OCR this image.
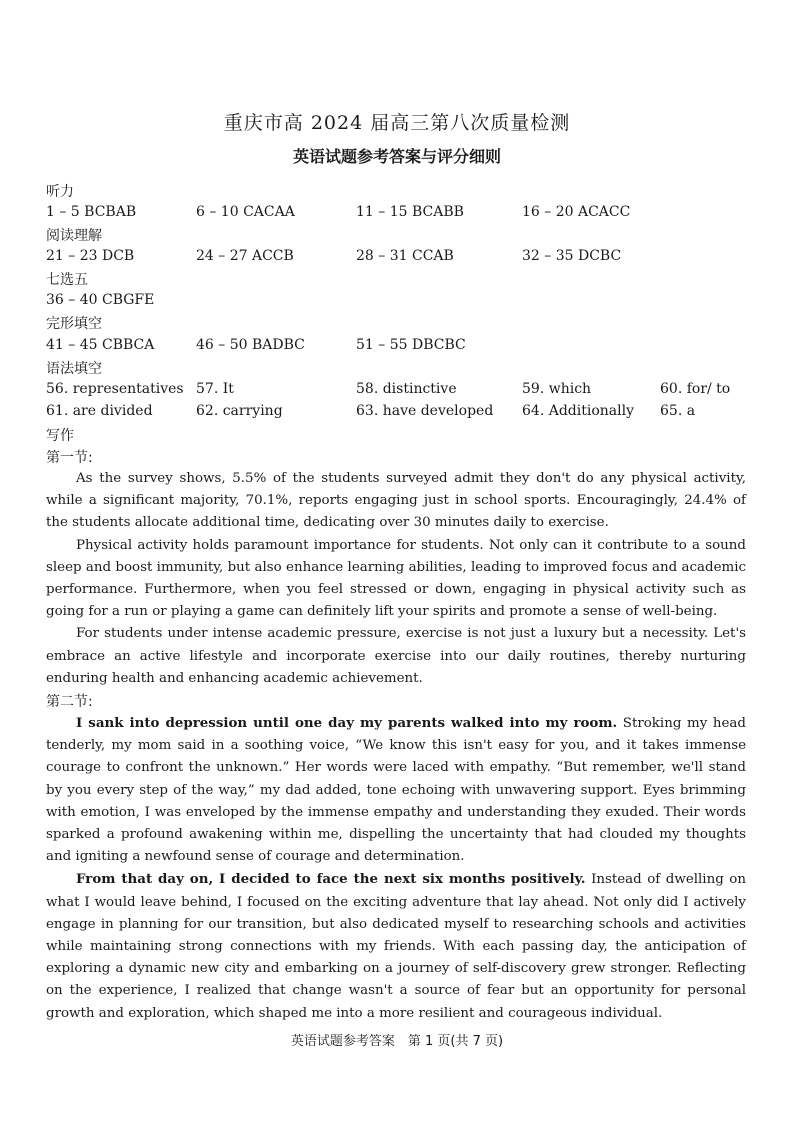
重庆市高 2024 届高三第八次质量检测
英语试题参考答案与评分细则
听力
1 – 5 BCBAB	6 – 10 CACAA	11 – 15 BCABB	16 – 20 ACACC
阅读理解
21 – 23 DCB	24 – 27 ACCB	28 – 31 CCAB	32 – 35 DCBC
七选五
36 – 40 CBGFE
完形填空
41 – 45 CBBCA	46 – 50 BADBC	51 – 55 DBCBC
语法填空
56. representatives 57. It	58. distinctive	59. which	60. for/ to
61. are divided	62. carrying	63. have developed 64. Additionally 65. a
写作
第一节:

As the survey shows, 5.5% of the students surveyed admit they don't do any physical activity, while a significant majority, 70.1%, reports engaging just in school sports. Encouragingly, 24.4% of the students allocate additional time, dedicating over 30 minutes daily to exercise.

Physical activity holds paramount importance for students. Not only can it contribute to a sound sleep and boost immunity, but also enhance learning abilities, leading to improved focus and academic performance. Furthermore, when you feel stressed or down, engaging in physical activity such as going for a run or playing a game can definitely lift your spirits and promote a sense of well-being.

For students under intense academic pressure, exercise is not just a luxury but a necessity. Let's embrace an active lifestyle and incorporate exercise into our daily routines, thereby nurturing enduring health and enhancing academic achievement.

第二节:

I sank into depression until one day my parents walked into my room. Stroking my head tenderly, my mom said in a soothing voice, “We know this isn't easy for you, and it takes immense courage to confront the unknown.” Her words were laced with empathy. “But remember, we'll stand by you every step of the way,” my dad added, tone echoing with unwavering support. Eyes brimming with emotion, I was enveloped by the immense empathy and understanding they exuded. Their words sparked a profound awakening within me, dispelling the uncertainty that had clouded my thoughts and igniting a newfound sense of courage and determination.

From that day on, I decided to face the next six months positively. Instead of dwelling on what I would leave behind, I focused on the exciting adventure that lay ahead. Not only did I actively engage in planning for our transition, but also dedicated myself to researching schools and activities while maintaining strong connections with my friends. With each passing day, the anticipation of exploring a dynamic new city and embarking on a journey of self-discovery grew stronger. Reflecting on the experience, I realized that change wasn't a source of fear but an opportunity for personal growth and exploration, which shaped me into a more resilient and courageous individual.

英语试题参考答案　第 1 页(共 7 页)
